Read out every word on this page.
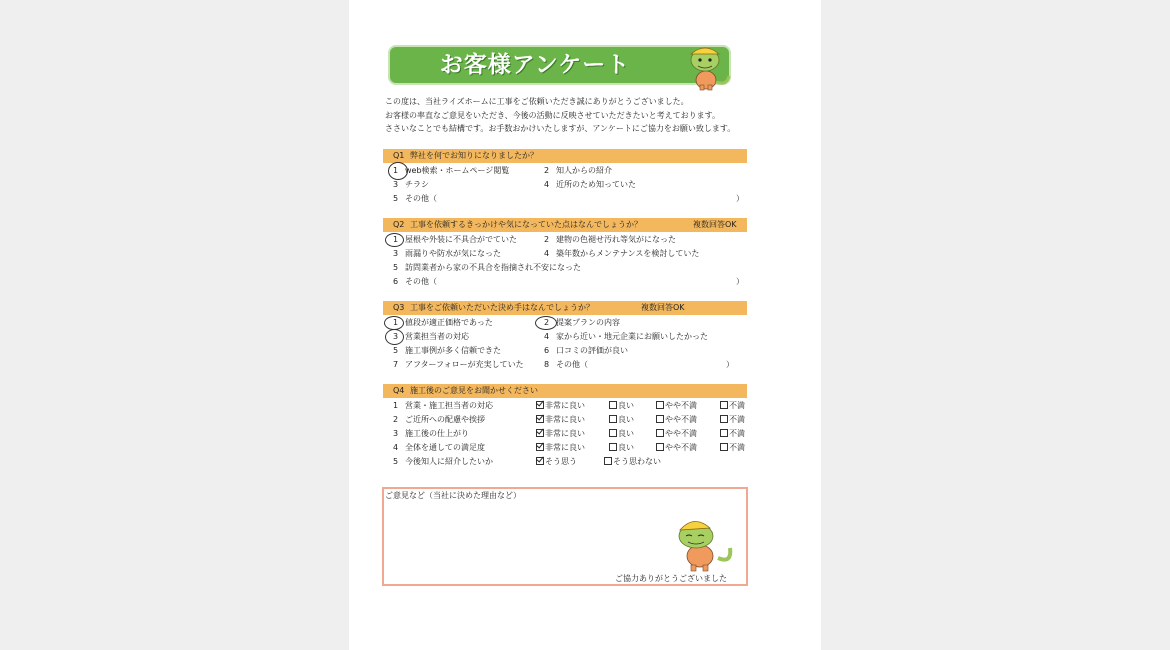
お客様アンケート
この度は、当社ライズホームに工事をご依頼いただき誠にありがとうございました。
お客様の率直なご意見をいただき、今後の活動に反映させていただきたいと考えております。
ささいなことでも結構です。お手数おかけいたしますが、アンケートにご協力をお願い致します。
Q1 弊社を何でお知りになりましたか？
1 web検索・ホームページ閲覧	2 知人からの紹介
3 チラシ	4 近所のため知っていた
5 その他（	）
Q2 工事を依頼するきっかけや気になっていた点はなんでしょうか？	複数回答OK
1 屋根や外装に不具合がでていた	2 建物の色褪せ汚れ等気がになった
3 雨漏りや防水が気になった	4 築年数からメンテナンスを検討していた
5 訪問業者から家の不具合を指摘され不安になった
6 その他（	）
Q3 工事をご依頼いただいた決め手はなんでしょうか？	複数回答OK
1 値段が適正価格であった	2 提案プランの内容
3 営業担当者の対応	4 家から近い・地元企業にお願いしたかった
5 施工事例が多く信頼できた	6 口コミの評価が良い
7 アフターフォローが充実していた	8 その他（	）
Q4 施工後のご意見をお聞かせください
1 営業・施工担当者の対応	非常に良い	良い	やや不満	不満
2 ご近所への配慮や挨拶	非常に良い	良い	やや不満	不満
3 施工後の仕上がり	非常に良い	良い	やや不満	不満
4 全体を通しての満足度	非常に良い	良い	やや不満	不満
5 今後知人に紹介したいか	そう思う	そう思わない
ご意見など（当社に決めた理由など）
ご協力ありがとうございました
